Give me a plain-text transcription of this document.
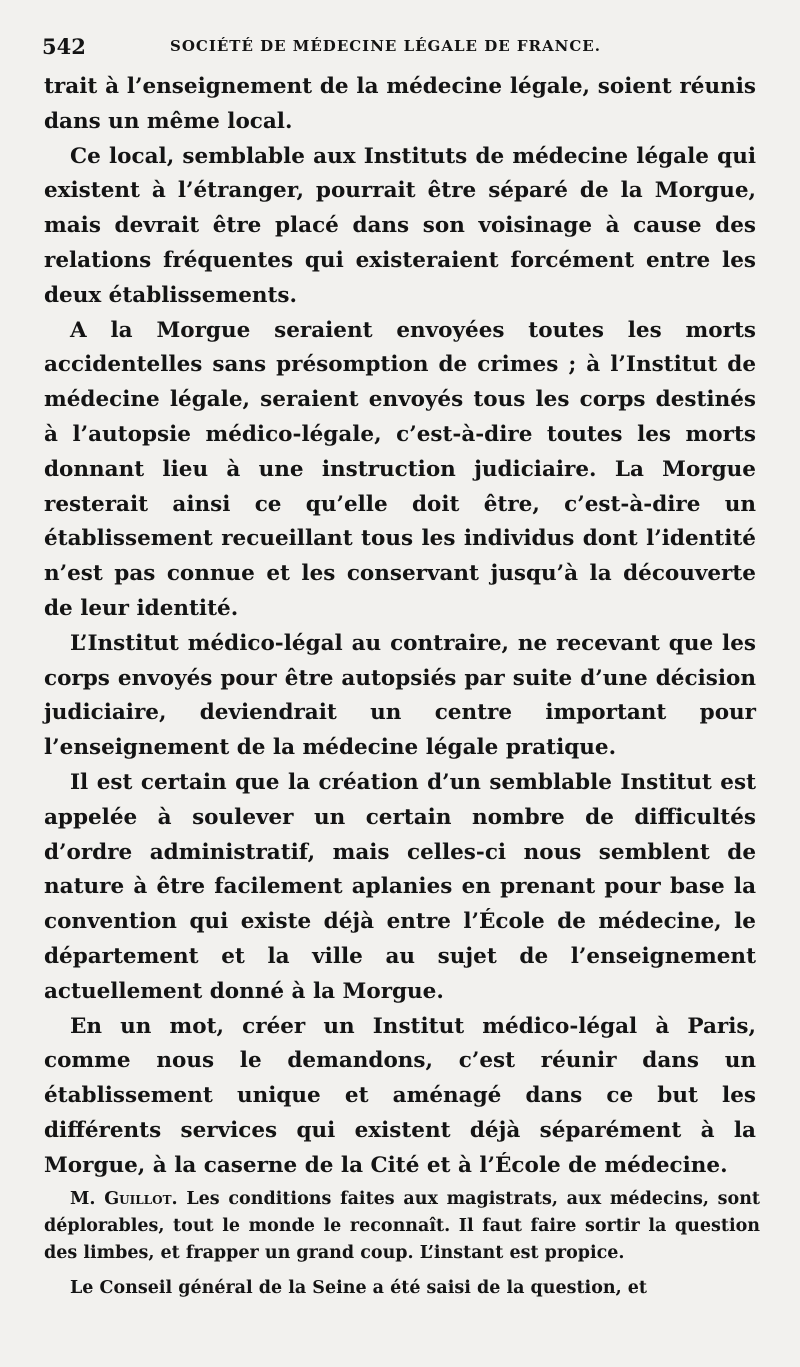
542	SOCIÉTÉ DE MÉDECINE LÉGALE DE FRANCE.

trait à l’enseignement de la médecine légale, soient réunis dans un même local.

Ce local, semblable aux Instituts de médecine légale qui existent à l’étranger, pourrait être séparé de la Morgue, mais devrait être placé dans son voisinage à cause des relations fréquentes qui existeraient forcément entre les deux établissements.

A la Morgue seraient envoyées toutes les morts accidentelles sans présomption de crimes ; à l’Institut de médecine légale, seraient envoyés tous les corps destinés à l’autopsie médico-légale, c’est-à-dire toutes les morts donnant lieu à une instruction judiciaire. La Morgue resterait ainsi ce qu’elle doit être, c’est-à-dire un établissement recueillant tous les individus dont l’identité n’est pas connue et les conservant jusqu’à la découverte de leur identité.

L’Institut médico-légal au contraire, ne recevant que les corps envoyés pour être autopsiés par suite d’une décision judiciaire, deviendrait un centre important pour l’enseignement de la médecine légale pratique.

Il est certain que la création d’un semblable Institut est appelée à soulever un certain nombre de difficultés d’ordre administratif, mais celles-ci nous semblent de nature à être facilement aplanies en prenant pour base la convention qui existe déjà entre l’École de médecine, le département et la ville au sujet de l’enseignement actuellement donné à la Morgue.

En un mot, créer un Institut médico-légal à Paris, comme nous le demandons, c’est réunir dans un établissement unique et aménagé dans ce but les différents services qui existent déjà séparément à la Morgue, à la caserne de la Cité et à l’École de médecine.

M. Guillot. Les conditions faites aux magistrats, aux médecins, sont déplorables, tout le monde le reconnaît. Il faut faire sortir la question des limbes, et frapper un grand coup. L’instant est propice.

Le Conseil général de la Seine a été saisi de la question, et
